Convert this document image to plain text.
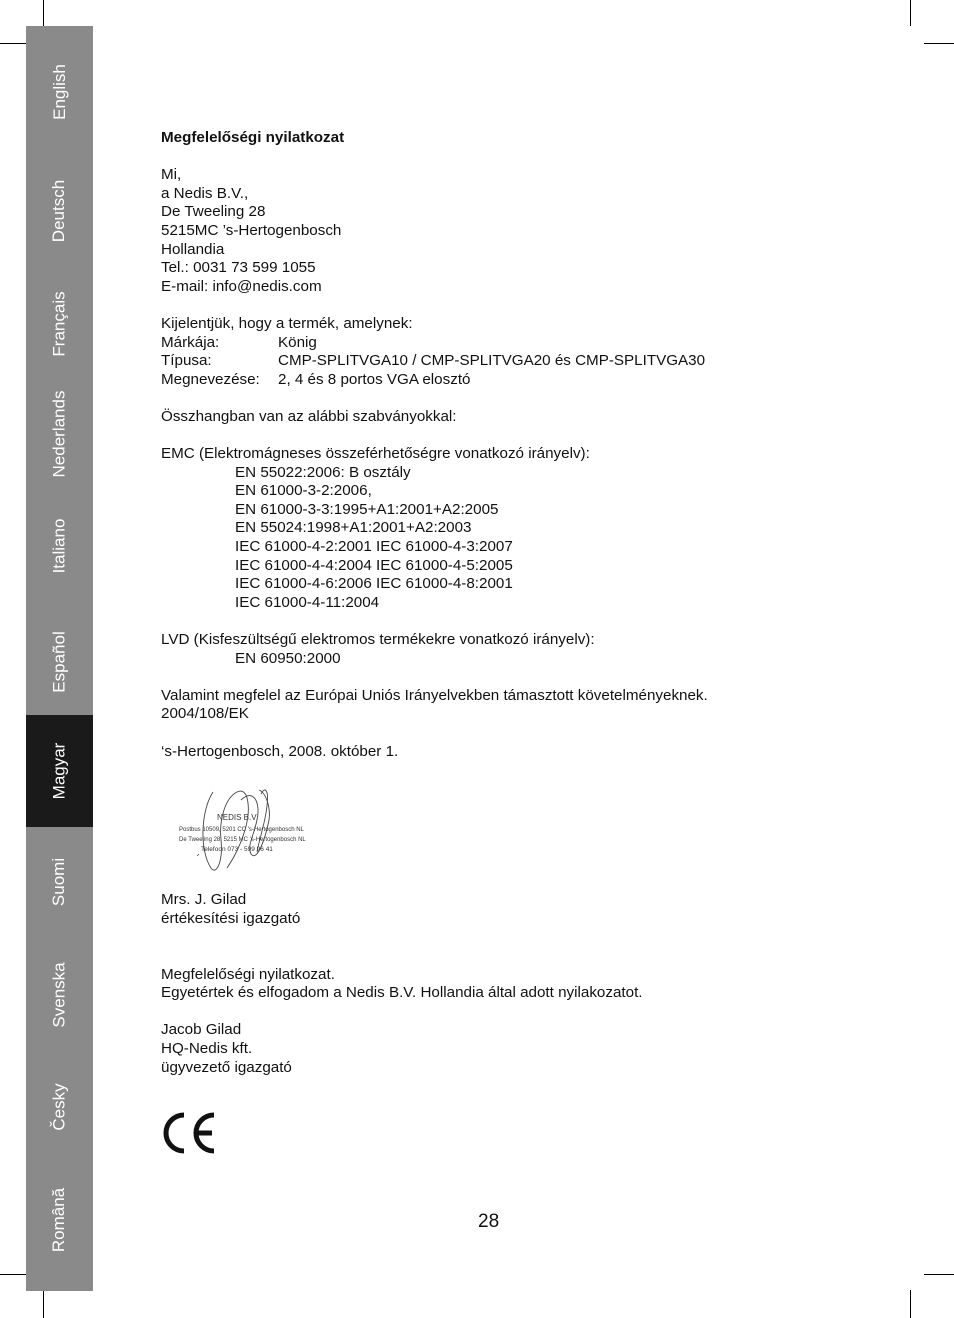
English
Deutsch
Français
Nederlands
Italiano
Español
Magyar
Suomi
Svenska
Česky
Română
Megfelelőségi nyilatkozat
Mi,
a Nedis B.V.,
De Tweeling 28
5215MC ’s-Hertogenbosch
Hollandia
Tel.: 0031 73 599 1055
E-mail: info@nedis.com
Kijelentjük, hogy a termék, amelynek:
Márkája:	König
Típusa:	CMP-SPLITVGA10 / CMP-SPLITVGA20 és CMP-SPLITVGA30
Megnevezése: 2, 4 és 8 portos VGA elosztó
Összhangban van az alábbi szabványokkal:
EMC (Elektromágneses összeférhetőségre vonatkozó irányelv):
EN 55022:2006: B osztály
EN 61000-3-2:2006,
EN 61000-3-3:1995+A1:2001+A2:2005
EN 55024:1998+A1:2001+A2:2003
IEC 61000-4-2:2001 IEC 61000-4-3:2007
IEC 61000-4-4:2004 IEC 61000-4-5:2005
IEC 61000-4-6:2006 IEC 61000-4-8:2001
IEC 61000-4-11:2004
LVD (Kisfeszültségű elektromos termékekre vonatkozó irányelv):
EN 60950:2000
Valamint megfelel az Európai Uniós Irányelvekben támasztott követelményeknek.
2004/108/EK
‘s-Hertogenbosch, 2008. október 1.
Mrs. J. Gilad
értékesítési igazgató
Megfelelőségi nyilatkozat.
Egyetértek és elfogadom a Nedis B.V. Hollandia által adott nyilakozatot.
Jacob Gilad
HQ-Nedis kft.
ügyvezető igazgató
NEDIS B.V.
Postbus 10509, 5201 CC 's-Hertogenbosch NL
De Tweeling 28, 5215 MC 's-Hertogenbosch NL
Telefoon 073 - 599 96 41
28
